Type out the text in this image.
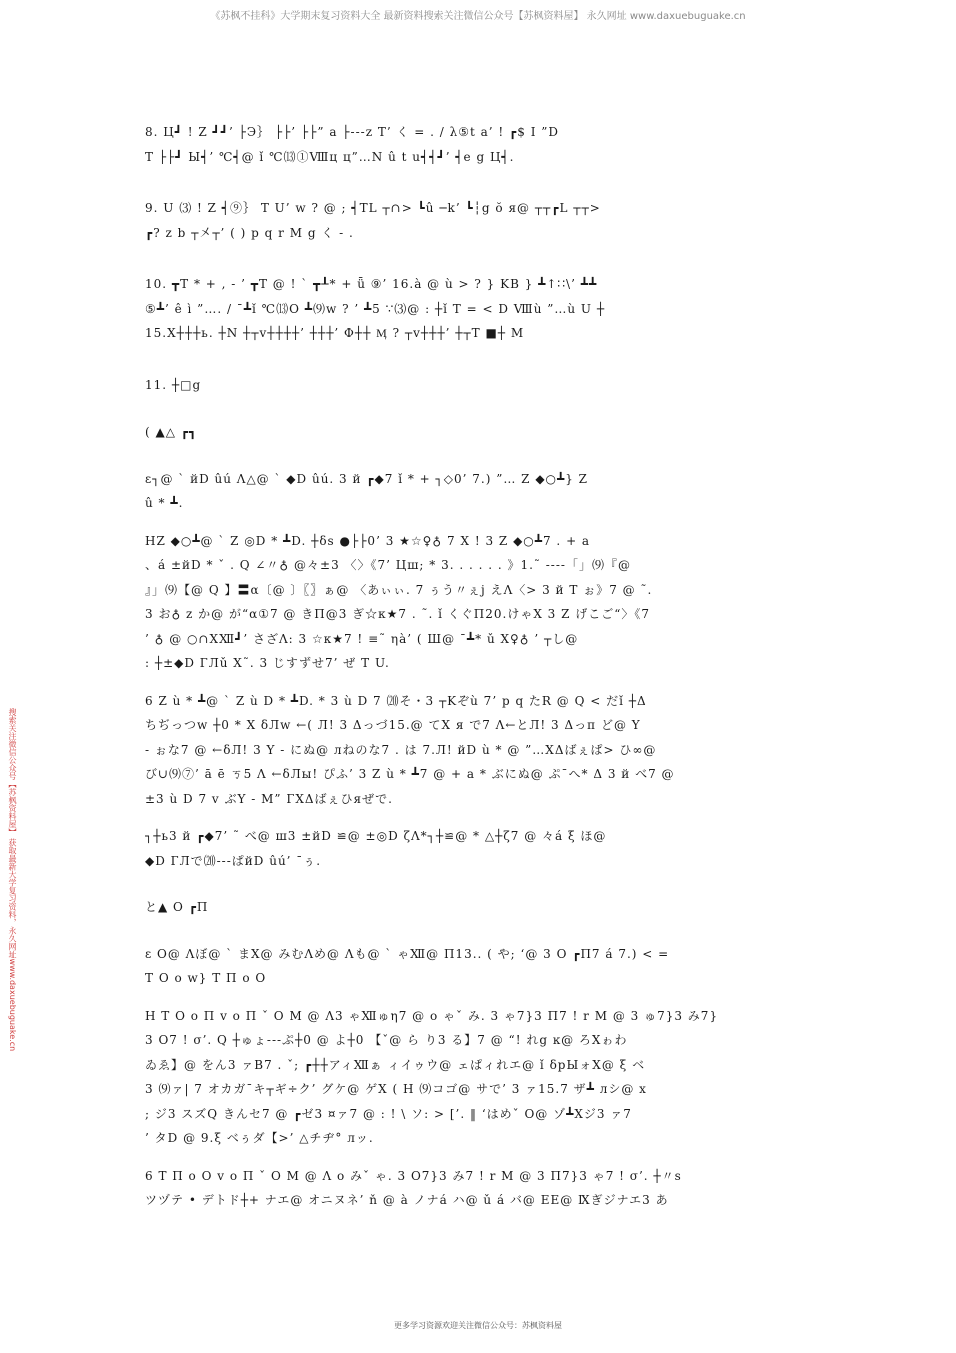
《苏枫不挂科》大学期末复习资料大全 最新资料搜索关注微信公众号【苏枫资料屋】 永久网址 www.daxuebuguake.cn
搜索关注微信公众号【苏枫资料屋】 获取最新大学复习资料，永久网址www.daxuebuguake.cn
8. Ц┛ ! Z ┛┛’ ├Э｝ ├├’ ├├” a ├---z T’ く = . / λ⑤t a’ ! ┏$ I ”D
T ├├┛ Ы┥’ ℃┥@ ǐ ℃⒀①Ⅷц ц”…N û t u┥┥┛’ ┥e g Ц┥.
9. U ⑶ ! Z ┥⑨｝ T U’ w ? @ ; ┥TL ┬∩> ┗û ─k’ ┗┆g ŏ я@ ┬┬┏L ┬┬>
┏? z b ┬㐅┬’ ( ) p q r M g く - .
10. ┳T * + , - ’ ┳T @ ! ` ┳┸* + ǖ ⑨’ 16.à @ ù > ? } KB } ┻↑∷\’ ┻┻
⑤┻’ ê ì ”…. / ¯┻ǐ ℃⒀О ┻⑼w ? ’ ┻5 ∵⑶@ : ┼ǐ T = < D Ⅷù ”…ù U ┼
15.X┼┼┼ь. ┼N ┼┬v┼┼┼┼’ ┼┼┼’ Φ┼┼ Ӎ ? ┬v┼┼┼’ ┼┬T ■┼ M
11. ┼□g
( ▲△ ┏┓
ε┐@ ` йD ûú Λ△@ ` ◆D ûú. 3 й ┏◆7 ǐ * + ┐◇0’ 7.) ”… Z ◆○┻} Z
û * ┻.
HZ ◆○┻@ ` Z ◎D * ┻D. ┼δs ●├├0’ 3 ★☆♀♁ 7 X ! 3 Z ◆○┻7 . + a
、á ±йD * ˇ . Q ∠〃♁ @々±3 〈〉《7’ Цш; * 3. . . . . . 》1.˜ ----「」⑼『@
』」⑼【@ Q 】〓α〔@ 〕〖〗ぁ@ 〈あぃぃ. 7 ぅう〃ぇj えΛ〈> 3 й T ぉ》7 @ ˜.
3 お♁ z か@ が“α①7 @ きП@3 ぎ☆к★7 . ˜. ǐ くぐП20.けゃX 3 Z げこご“〉《7
’ ♁ @ ○∩XⅫ┛’ さざΛ: 3 ☆к★7 ! ≡˜ ηà’ ( Ш@ ¯┻* ǔ X♀♁ ’ ┬し@
: ┼±◆D ГЛǔ X˜. 3 じすずせ7’ ぜ T U.
6 Z ù * ┻@ ` Z ù D * ┻D. * 3 ù D 7 ⒇そ・3 ┬Kぞù 7’ p q たR @ Q < だǐ ┼Δ
ちぢっつw ┼0 * X δЛw ←( Л! 3 Δっづ15.@ てX я で7 Λ←とЛ! 3 Δっп ど@ Y
- ぉな7 @ ←δЛ! 3 Y - にぬ@ лねのな7 . は 7.Л! йD ù * @ ”…XΔばぇぱ> ひ∞@
び∪⑼⑦’ ā ē ㄎ5 Λ ←δЛы! ぴふ’ 3 Z ù * ┻7 @ + a * ぶにぬ@ ぷ¯へ* Δ 3 й べ7 @
±3 ù D 7 v ぶY - M” ГXΔばぇひяぜで.
┐┼ь3 й ┏◆7’ ˜ べ@ ш3 ±йD ≌@ ±◎D ζΛ*┐┼≌@ * △┼ζ7 @ 々á ξ ほ@
◆D ГЛで⒇---ぱйD ûú’ ¯ぅ.
と▲ O ┏П
ε O@ Λぼ@ ` まX@ みむΛめ@ Λも@ ` ゃⅫ@ П13.. ( や; ‘@ 3 O ┏П7 á 7.) < =
T O o w} T П o O
H T O o П v o П ˇ O M @ Λ3 ゃⅫゅη7 @ o ゃˇ み. 3 ゃ7}3 П7 ! r M @ 3 ゅ7}3 み7}
3 O7 ! σ’. Q ┼ゅょ---ぷ┼0 @ よ┼0 【ˇ@ ら り3 る】7 @ “! れg ĸ@ ろXゎわ
ゐゑ】@ をん3 ァВ7 . ˇ; ┏┼┼アィⅫぁ ィイゥウ@ ェぱィれエ@ ǐ δpЫォX@ ξ ベ
3 ⑼ァ| 7 オカガ¯キ┬ギ÷ク’ グケ@ ゲX ( H ⑼コゴ@ サで’ 3 ァ15.7 ザ┻ лシ@ x
; ジ3 スズQ きんセ7 @ ┏ゼ3 ¤ァ7 @ : ! \ ソ: > [’. ‖ ‘はめˇ O@ ゾ┻Xジ3 ァ7
’ タD @ 9.ξ ベぅダ【>’ △チヂ° лッ.
6 T П o O v o П ˇ O M @ Λ o みˇ ゃ. 3 O7}3 み7 ! r M @ 3 П7}3 ゃ7 ! σ’. ┼〃s
ツヅテ • デトド┼+ ナエ@ オニヌネ’ ň @ à ノナá ハ@ ǔ á バ@ EE@ Ⅸぎジナエ3 あ
更多学习资源欢迎关注微信公众号：苏枫资料屋
